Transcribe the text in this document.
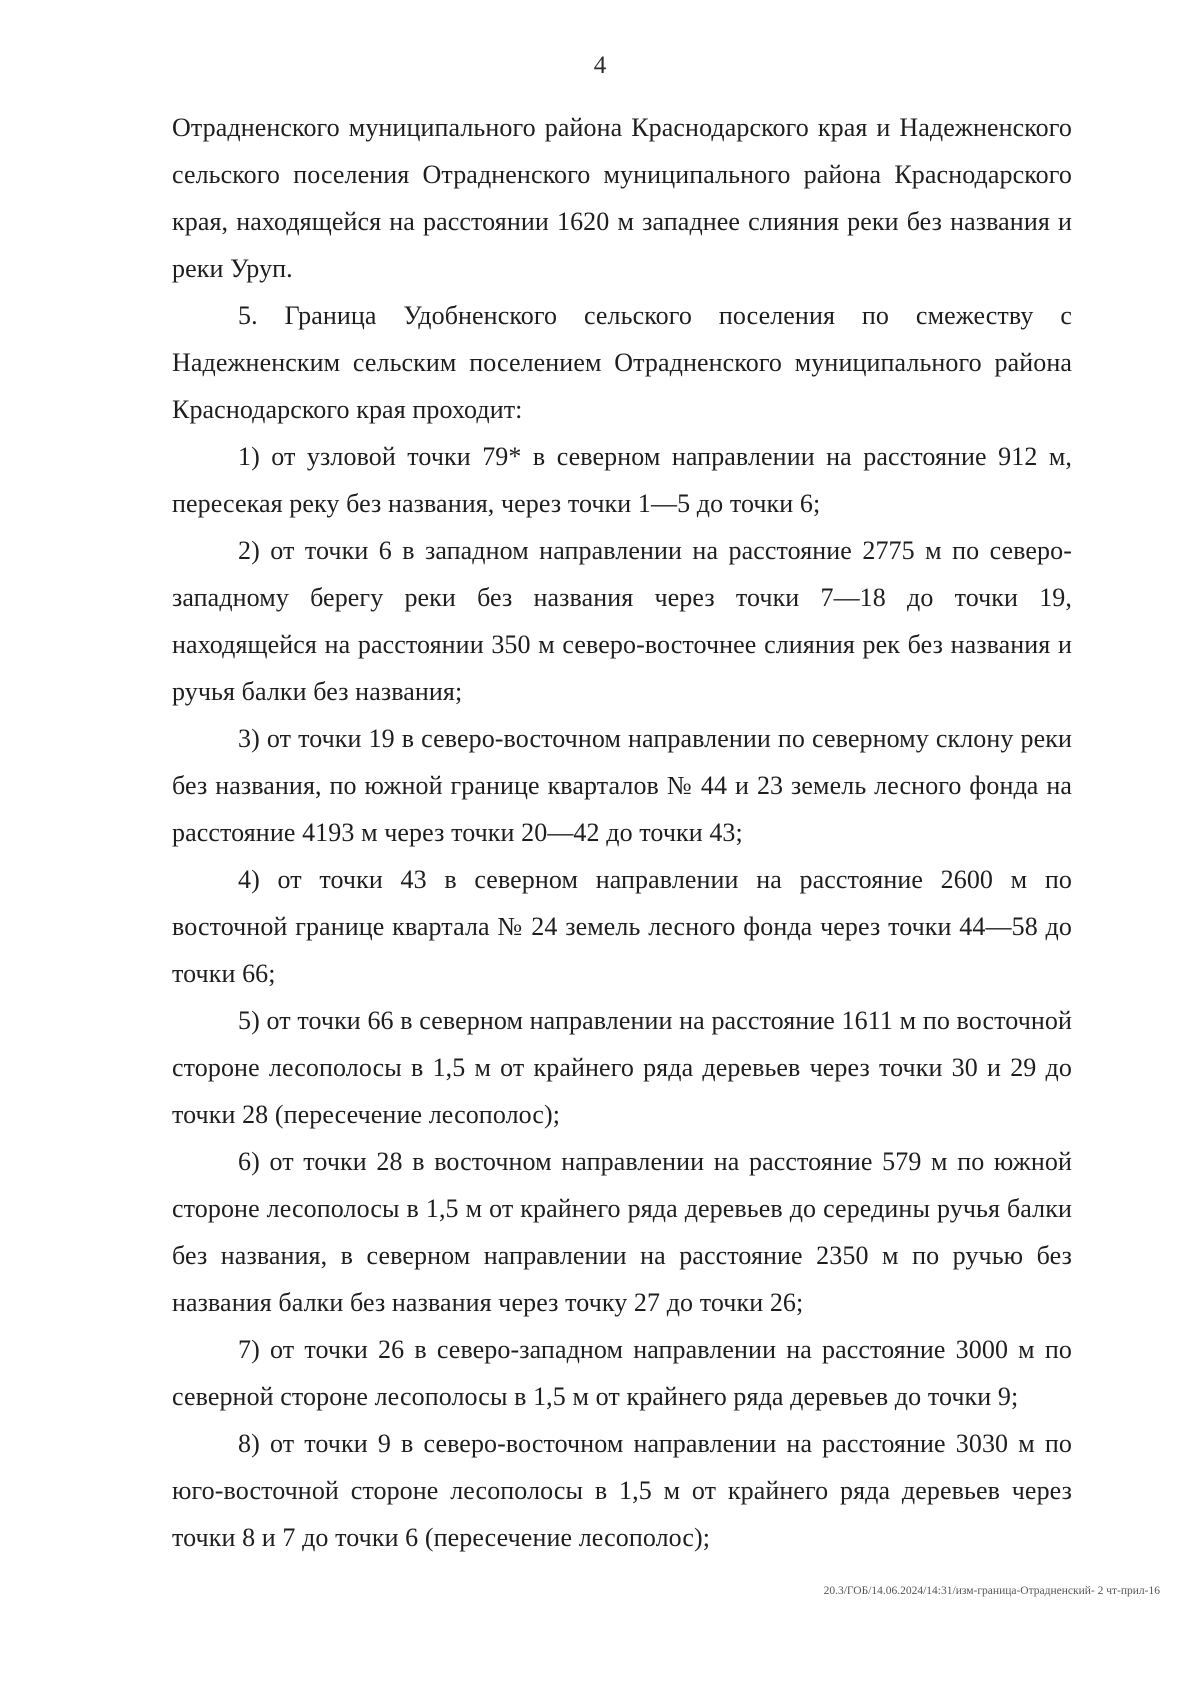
4

Отрадненского муниципального района Краснодарского края и Надежненского сельского поселения Отрадненского муниципального района Краснодарского края, находящейся на расстоянии 1620 м западнее слияния реки без названия и реки Уруп.

5. Граница Удобненского сельского поселения по смежеству с Надежненским сельским поселением Отрадненского муниципального района Краснодарского края проходит:

1) от узловой точки 79* в северном направлении на расстояние 912 м, пересекая реку без названия, через точки 1—5 до точки 6;

2) от точки 6 в западном направлении на расстояние 2775 м по северо-западному берегу реки без названия через точки 7—18 до точки 19, находящейся на расстоянии 350 м северо-восточнее слияния рек без названия и ручья балки без названия;

3) от точки 19 в северо-восточном направлении по северному склону реки без названия, по южной границе кварталов № 44 и 23 земель лесного фонда на расстояние 4193 м через точки 20—42 до точки 43;

4) от точки 43 в северном направлении на расстояние 2600 м по восточной границе квартала № 24 земель лесного фонда через точки 44—58 до точки 66;

5) от точки 66 в северном направлении на расстояние 1611 м по восточной стороне лесополосы в 1,5 м от крайнего ряда деревьев через точки 30 и 29 до точки 28 (пересечение лесополос);

6) от точки 28 в восточном направлении на расстояние 579 м по южной стороне лесополосы в 1,5 м от крайнего ряда деревьев до середины ручья балки без названия, в северном направлении на расстояние 2350 м по ручью без названия балки без названия через точку 27 до точки 26;

7) от точки 26 в северо-западном направлении на расстояние 3000 м по северной стороне лесополосы в 1,5 м от крайнего ряда деревьев до точки 9;

8) от точки 9 в северо-восточном направлении на расстояние 3030 м по юго-восточной стороне лесополосы в 1,5 м от крайнего ряда деревьев через точки 8 и 7 до точки 6 (пересечение лесополос);

20.3/ГОБ/14.06.2024/14:31/изм-граница-Отрадненский- 2 чт-прил-16
